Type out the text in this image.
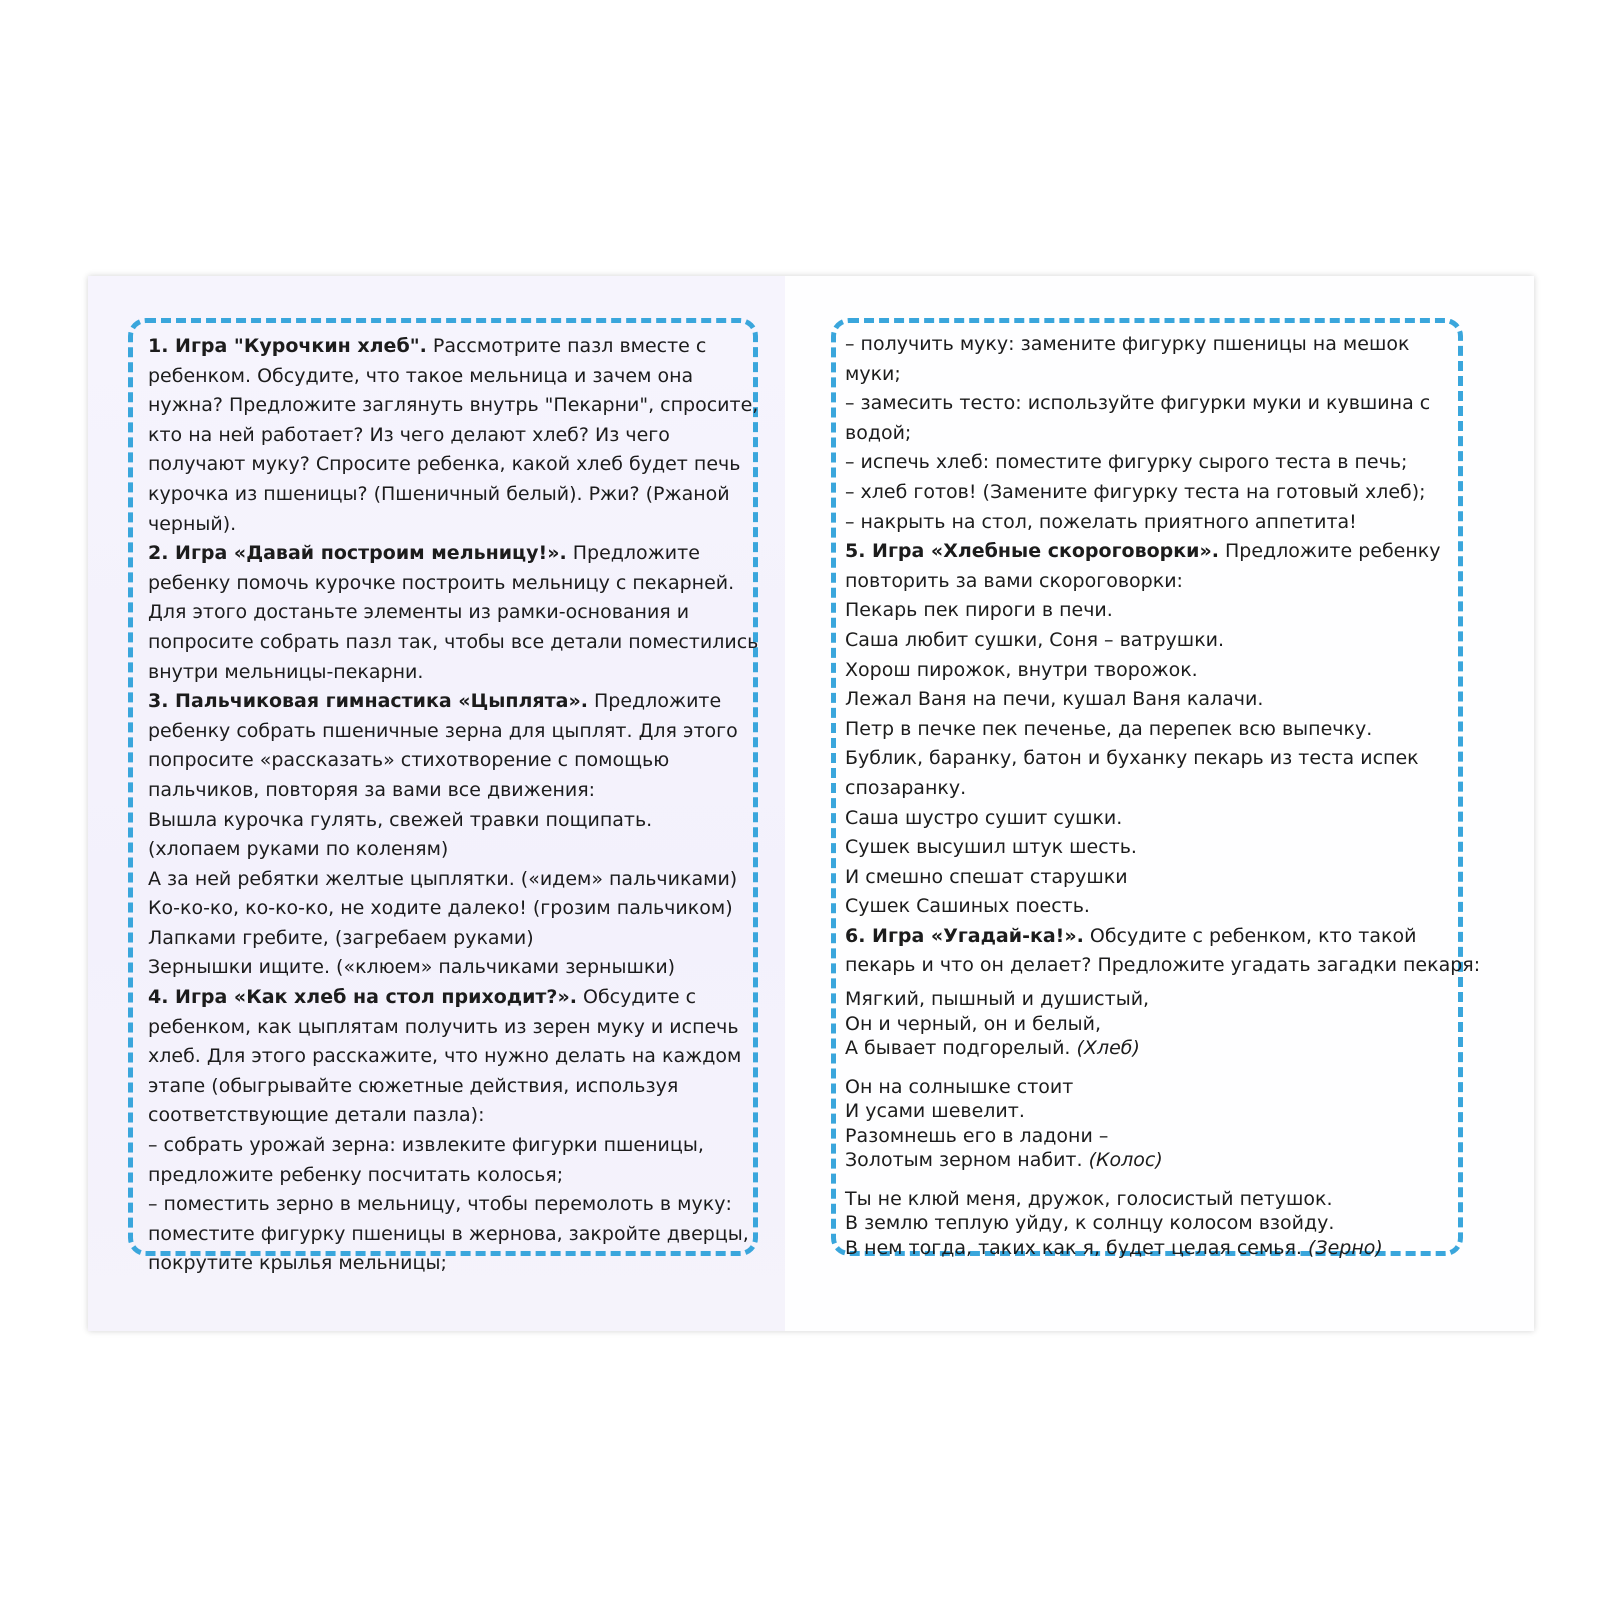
1. Игра "Курочкин хлеб". Рассмотрите пазл вместе с
ребенком. Обсудите, что такое мельница и зачем она
нужна? Предложите заглянуть внутрь "Пекарни", спросите,
кто на ней работает? Из чего делают хлеб? Из чего
получают муку? Спросите ребенка, какой хлеб будет печь
курочка из пшеницы? (Пшеничный белый). Ржи? (Ржаной
черный).

2. Игра «Давай построим мельницу!». Предложите
ребенку помочь курочке построить мельницу с пекарней.
Для этого достаньте элементы из рамки-основания и
попросите собрать пазл так, чтобы все детали поместились
внутри мельницы-пекарни.

3. Пальчиковая гимнастика «Цыплята». Предложите
ребенку собрать пшеничные зерна для цыплят. Для этого
попросите «рассказать» стихотворение с помощью
пальчиков, повторяя за вами все движения:
Вышла курочка гулять, свежей травки пощипать.
(хлопаем руками по коленям)
А за ней ребятки желтые цыплятки. («идем» пальчиками)
Ко-ко-ко, ко-ко-ко, не ходите далеко! (грозим пальчиком)
Лапками гребите, (загребаем руками)
Зернышки ищите. («клюем» пальчиками зернышки)

4. Игра «Как хлеб на стол приходит?». Обсудите с
ребенком, как цыплятам получить из зерен муку и испечь
хлеб. Для этого расскажите, что нужно делать на каждом
этапе (обыгрывайте сюжетные действия, используя
соответствующие детали пазла):
– собрать урожай зерна: извлеките фигурки пшеницы,
предложите ребенку посчитать колосья;
– поместить зерно в мельницу, чтобы перемолоть в муку:
поместите фигурку пшеницы в жернова, закройте дверцы,
покрутите крылья мельницы;

– получить муку: замените фигурку пшеницы на мешок
муки;
– замесить тесто: используйте фигурки муки и кувшина с
водой;
– испечь хлеб: поместите фигурку сырого теста в печь;
– хлеб готов! (Замените фигурку теста на готовый хлеб);
– накрыть на стол, пожелать приятного аппетита!

5. Игра «Хлебные скороговорки». Предложите ребенку
повторить за вами скороговорки:
Пекарь пек пироги в печи.
Саша любит сушки, Соня – ватрушки.
Хорош пирожок, внутри творожок.
Лежал Ваня на печи, кушал Ваня калачи.
Петр в печке пек печенье, да перепек всю выпечку.
Бублик, баранку, батон и буханку пекарь из теста испек
спозаранку.
Саша шустро сушит сушки.
Сушек высушил штук шесть.
И смешно спешат старушки
Сушек Сашиных поесть.

6. Игра «Угадай-ка!». Обсудите с ребенком, кто такой
пекарь и что он делает? Предложите угадать загадки пекаря:

Мягкий, пышный и душистый,
Он и черный, он и белый,
А бывает подгорелый. (Хлеб)

Он на солнышке стоит
И усами шевелит.
Разомнешь его в ладони –
Золотым зерном набит. (Колос)

Ты не клюй меня, дружок, голосистый петушок.
В землю теплую уйду, к солнцу колосом взойду.
В нем тогда, таких как я, будет целая семья. (Зерно)
